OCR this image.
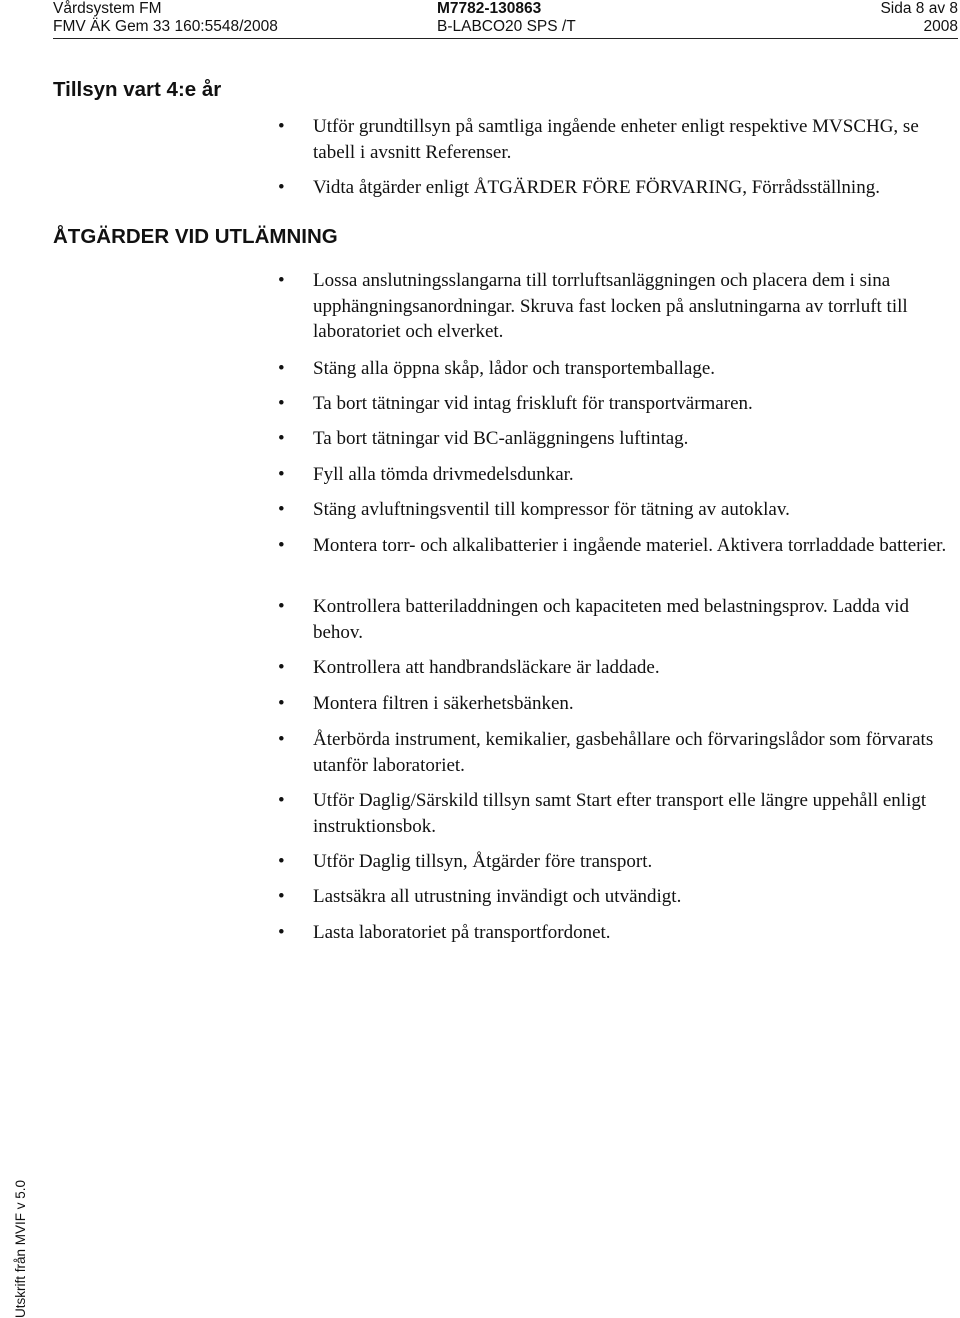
Vårdsystem FM
FMV ÄK Gem 33 160:5548/2008
M7782-130863
B-LABCO20 SPS /T
Sida 8 av 8
2008
Tillsyn vart 4:e år
• Utför grundtillsyn på samtliga ingående enheter enligt respektive MVSCHG, se tabell i avsnitt Referenser.
• Vidta åtgärder enligt ÅTGÄRDER FÖRE FÖRVARING, Förrådsställning.
ÅTGÄRDER VID UTLÄMNING
• Lossa anslutningsslangarna till torrluftsanläggningen och placera dem i sina upphängningsanordningar. Skruva fast locken på anslutningarna av torrluft till laboratoriet och elverket.
• Stäng alla öppna skåp, lådor och transportemballage.
• Ta bort tätningar vid intag friskluft för transportvärmaren.
• Ta bort tätningar vid BC-anläggningens luftintag.
• Fyll alla tömda drivmedelsdunkar.
• Stäng avluftningsventil till kompressor för tätning av autoklav.
• Montera torr- och alkalibatterier i ingående materiel. Aktivera torrladdade batterier.
• Kontrollera batteriladdningen och kapaciteten med belastningsprov. Ladda vid behov.
• Kontrollera att handbrandsläckare är laddade.
• Montera filtren i säkerhetsbänken.
• Återbörda instrument, kemikalier, gasbehållare och förvaringslådor som förvarats utanför laboratoriet.
• Utför Daglig/Särskild tillsyn samt Start efter transport elle längre uppehåll enligt instruktionsbok.
• Utför Daglig tillsyn, Åtgärder före transport.
• Lastsäkra all utrustning invändigt och utvändigt.
• Lasta laboratoriet på transportfordonet.
Utskrift från MVIF v 5.0
